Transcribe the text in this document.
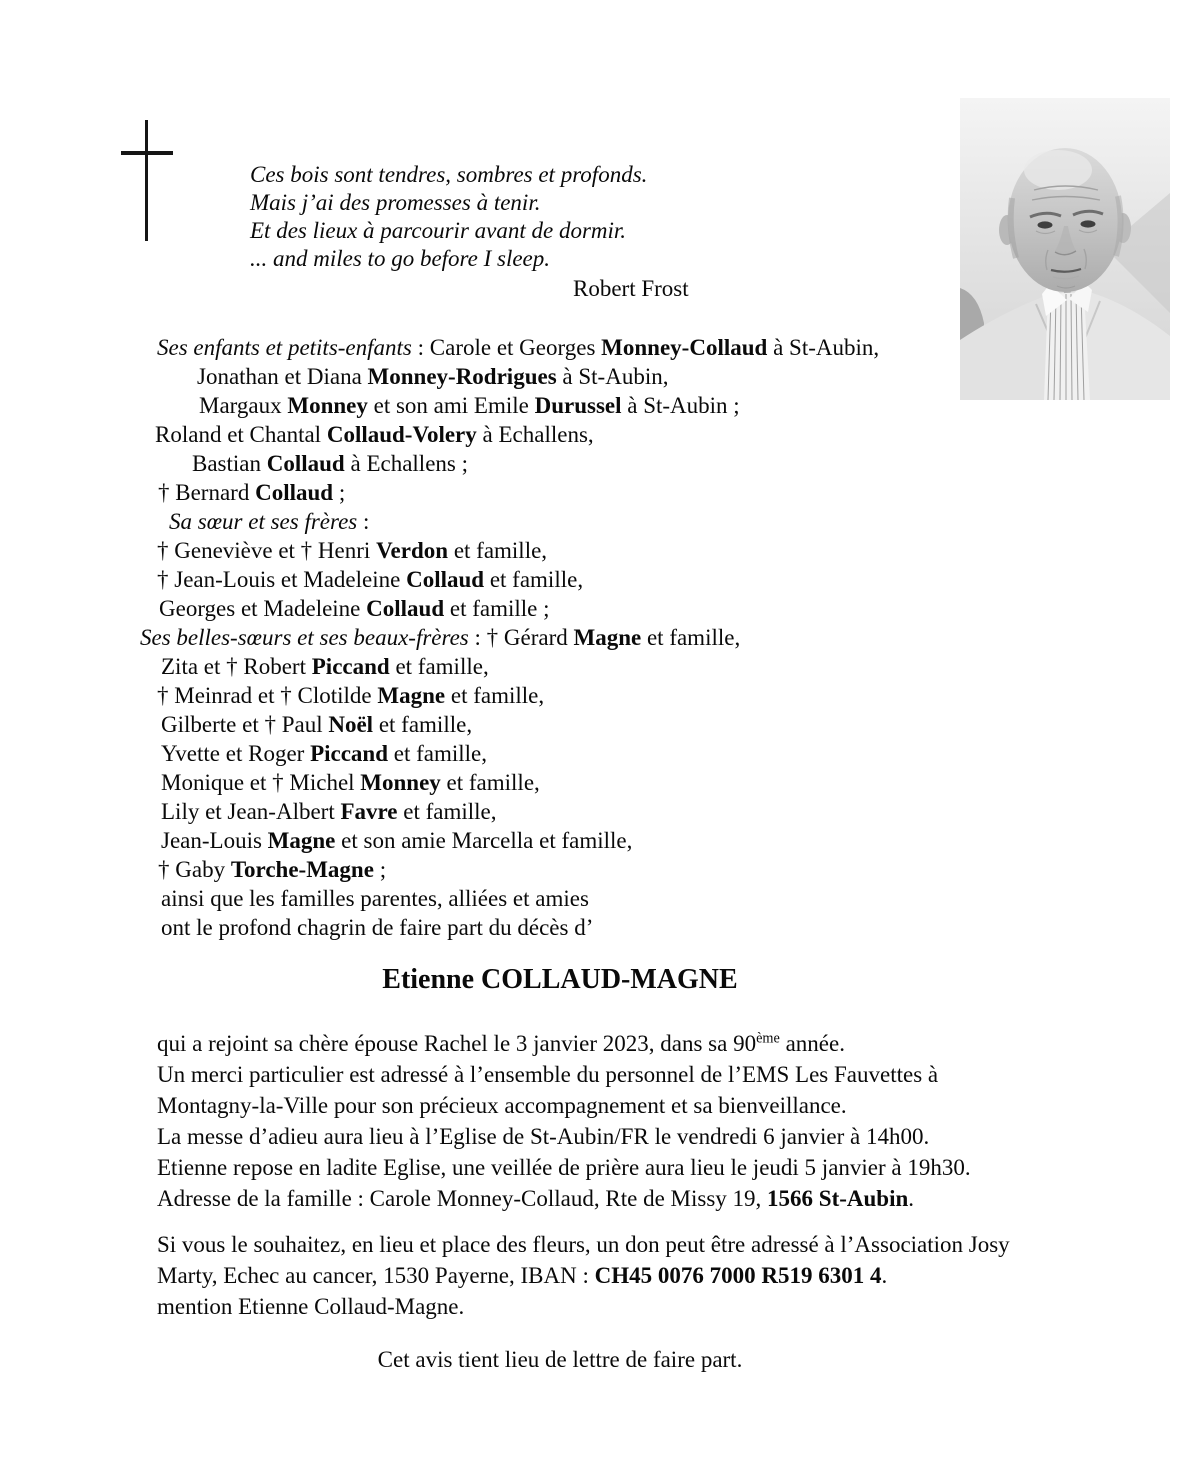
Ces bois sont tendres, sombres et profonds.
Mais j’ai des promesses à tenir.
Et des lieux à parcourir avant de dormir.
... and miles to go before I sleep.
Robert Frost
Ses enfants et petits-enfants : Carole et Georges Monney-Collaud à St-Aubin,
Jonathan et Diana Monney-Rodrigues à St-Aubin,
Margaux Monney et son ami Emile Durussel à St-Aubin ;
Roland et Chantal Collaud-Volery à Echallens,
Bastian Collaud à Echallens ;
† Bernard Collaud ;
Sa sœur et ses frères :
† Geneviève et † Henri Verdon et famille,
† Jean-Louis et Madeleine Collaud et famille,
Georges et Madeleine Collaud et famille ;
Ses belles-sœurs et ses beaux-frères : † Gérard Magne et famille,
Zita et † Robert Piccand et famille,
† Meinrad et † Clotilde Magne et famille,
Gilberte et † Paul Noël et famille,
Yvette et Roger Piccand et famille,
Monique et † Michel Monney et famille,
Lily et Jean-Albert Favre et famille,
Jean-Louis Magne et son amie Marcella et famille,
† Gaby Torche-Magne ;
ainsi que les familles parentes, alliées et amies
ont le profond chagrin de faire part du décès d’
Etienne COLLAUD-MAGNE
qui a rejoint sa chère épouse Rachel le 3 janvier 2023, dans sa 90ème année.
Un merci particulier est adressé à l’ensemble du personnel de l’EMS Les Fauvettes à
Montagny-la-Ville pour son précieux accompagnement et sa bienveillance.
La messe d’adieu aura lieu à l’Eglise de St-Aubin/FR le vendredi 6 janvier à 14h00.
Etienne repose en ladite Eglise, une veillée de prière aura lieu le jeudi 5 janvier à 19h30.
Adresse de la famille : Carole Monney-Collaud, Rte de Missy 19, 1566 St-Aubin.
Si vous le souhaitez, en lieu et place des fleurs, un don peut être adressé à l’Association Josy
Marty, Echec au cancer, 1530 Payerne, IBAN : CH45 0076 7000 R519 6301 4.
mention Etienne Collaud-Magne.
Cet avis tient lieu de lettre de faire part.
